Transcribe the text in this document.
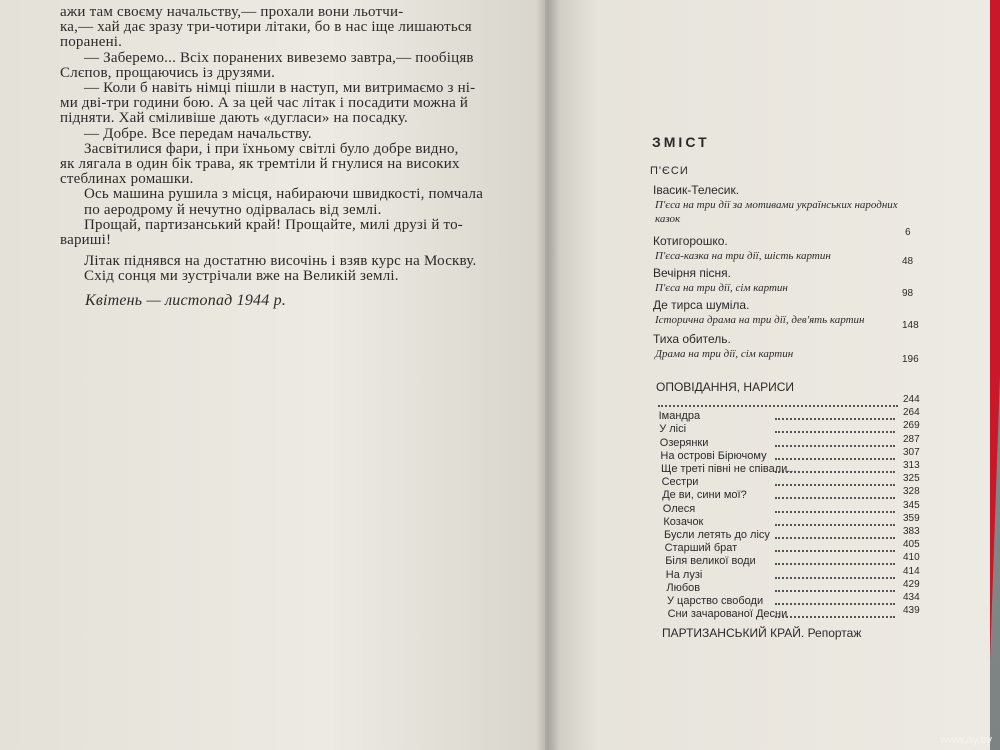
ажи там своєму начальству,— прохали вони льотчи-
ка,— хай дає зразу три-чотири літаки, бо в нас іще лишаються
поранені.
— Заберемо... Всіх поранених вивеземо завтра,— пообіцяв
Слєпов, прощаючись із друзями.
— Коли б навіть німці пішли в наступ, ми витримаємо з ні-
ми дві-три години бою. А за цей час літак і посадити можна й
підняти. Хай сміливіше дають «дугласи» на посадку.
— Добре. Все передам начальству.
Засвітилися фари, і при їхньому світлі було добре видно,
як лягала в один бік трава, як тремтіли й гнулися на високих
стеблинах ромашки.
Ось машина рушила з місця, набираючи швидкості, помчала
по аеродрому й нечутно одірвалась від землі.
Прощай, партизанський край! Прощайте, милі друзі й то-
вариші!
Літак піднявся на достатню височінь і взяв курс на Москву.
Схід сонця ми зустрічали вже на Великій землі.
Квітень — листопад 1944 р.
ЗМІСТ
П'ЄСИ
Івасик-Телесик.
П'єса на три дії за мотивами українських народних
казок
6
Котигорошко.
П'єса-казка на три дії, шість картин	48
Вечірня пісня.
П'єса на три дії, сім картин	98
Де тирса шуміла.
Історична драма на три дії, дев'ять картин	148
Тиха обитель.
Драма на три дії, сім картин	196
ОПОВІДАННЯ, НАРИСИ
244
Імандра	264
У лісі	269
Озерянки	287
На острові Бірючому	307
Ще треті півні не співали...	313
Сестри	325
Де ви, сини мої?	328
Олеся	345
Козачок	359
Бусли летять до лісу	383
Старший брат	405
Біля великої води	410
На лузі	414
Любов	429
У царство свободи	434
Сни зачарованої Десни	439
ПАРТИЗАНСЬКИЙ КРАЙ. Репортаж
www.ay.by
